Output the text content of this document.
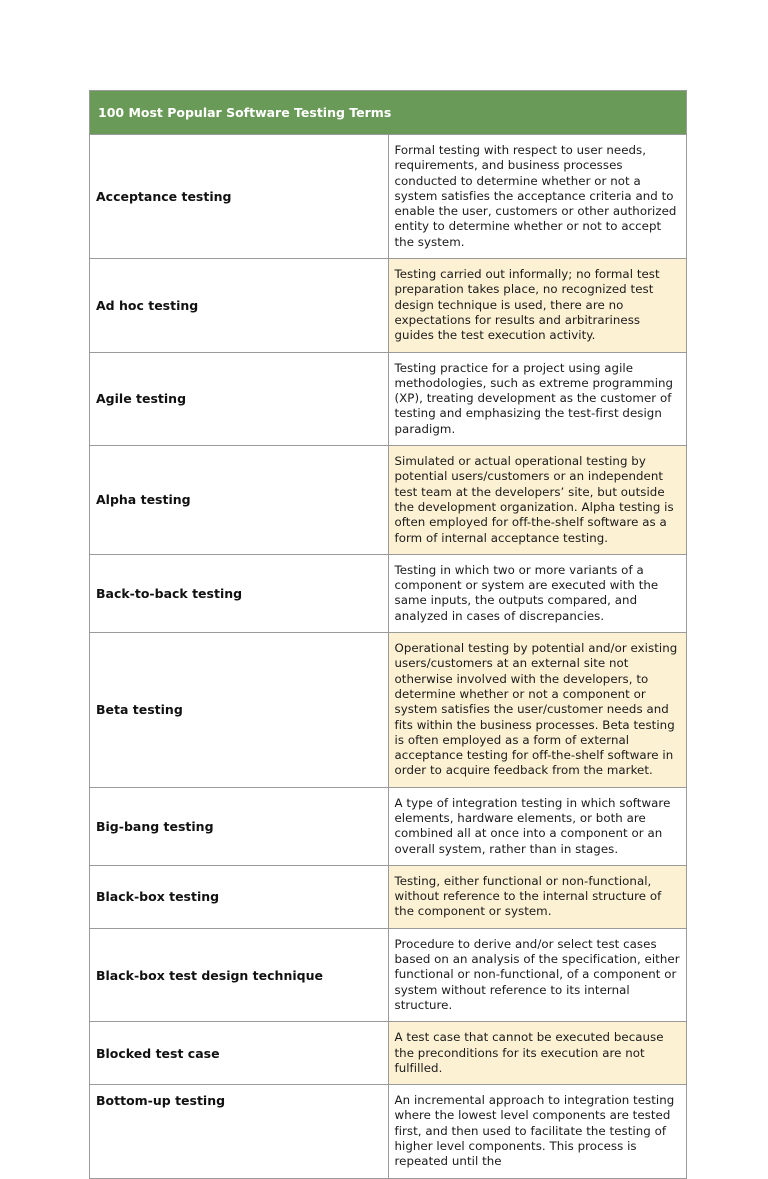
100 Most Popular Software Testing Terms	
Acceptance testing	Formal testing with respect to user needs, requirements, and business processes conducted to determine whether or not a system satisfies the acceptance criteria and to enable the user, customers or other authorized entity to determine whether or not to accept the system.
Ad hoc testing	Testing carried out informally; no formal test preparation takes place, no recognized test design technique is used, there are no expectations for results and arbitrariness guides the test execution activity.
Agile testing	Testing practice for a project using agile methodologies, such as extreme programming (XP), treating development as the customer of testing and emphasizing the test-first design paradigm.
Alpha testing	Simulated or actual operational testing by potential users/customers or an independent test team at the developers’ site, but outside the development organization. Alpha testing is often employed for off-the-shelf software as a form of internal acceptance testing.
Back-to-back testing	Testing in which two or more variants of a component or system are executed with the same inputs, the outputs compared, and analyzed in cases of discrepancies.
Beta testing	Operational testing by potential and/or existing users/customers at an external site not otherwise involved with the developers, to determine whether or not a component or system satisfies the user/customer needs and fits within the business processes. Beta testing is often employed as a form of external acceptance testing for off-the-shelf software in order to acquire feedback from the market.
Big-bang testing	A type of integration testing in which software elements, hardware elements, or both are combined all at once into a component or an overall system, rather than in stages.
Black-box testing	Testing, either functional or non-functional, without reference to the internal structure of the component or system.
Black-box test design technique	Procedure to derive and/or select test cases based on an analysis of the specification, either functional or non-functional, of a component or system without reference to its internal structure.
Blocked test case	A test case that cannot be executed because the preconditions for its execution are not fulfilled.
Bottom-up testing	An incremental approach to integration testing where the lowest level components are tested first, and then used to facilitate the testing of higher level components. This process is repeated until the
